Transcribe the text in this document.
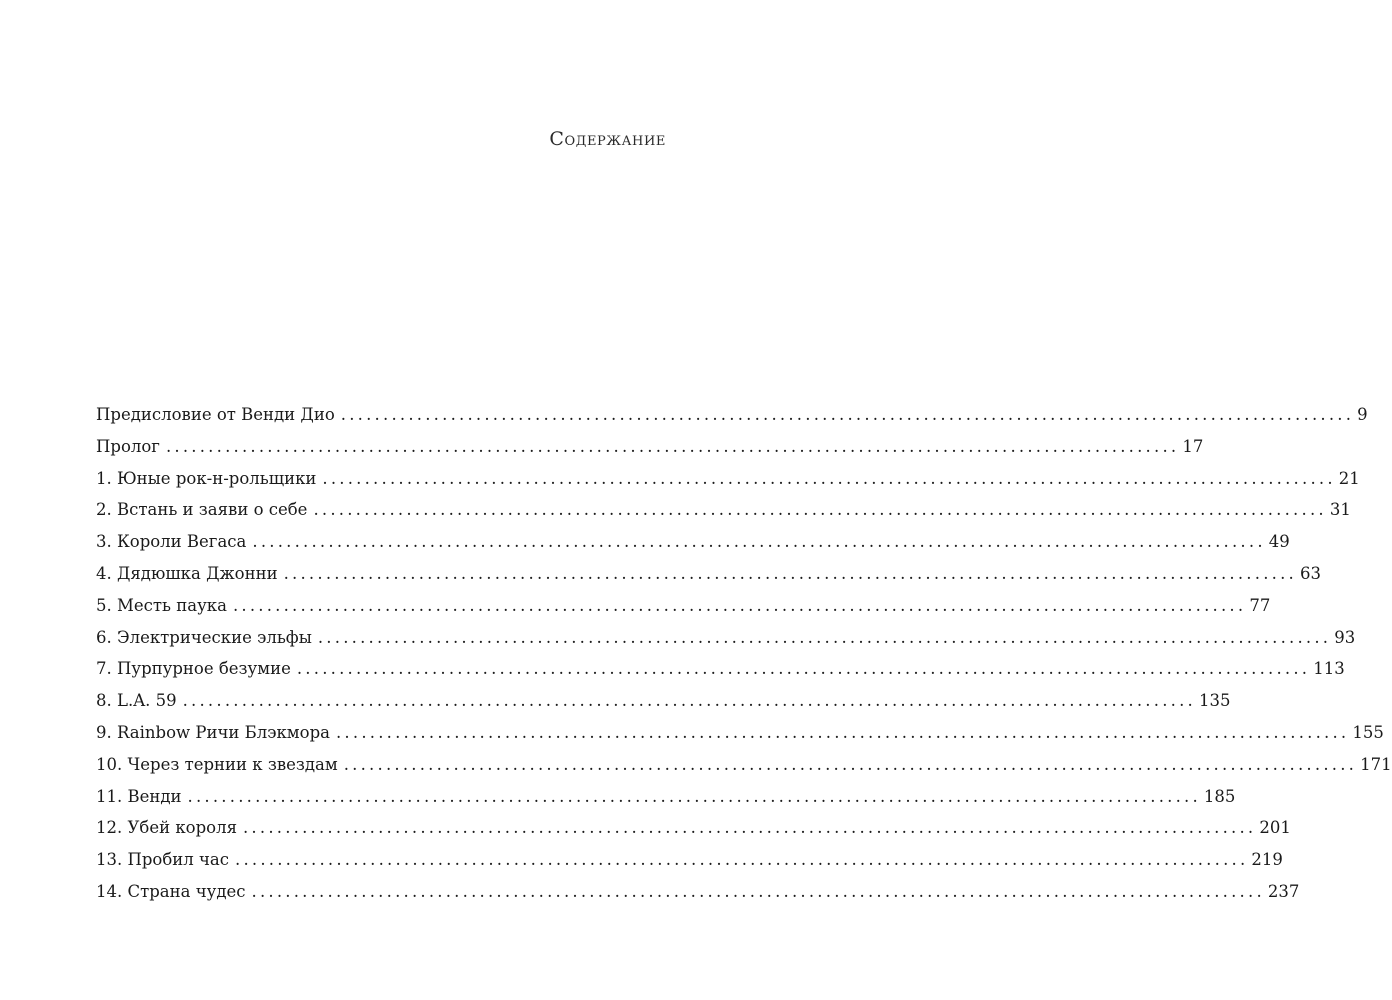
Содержание
Предисловие от Венди Дио ........................................................................................................................ 9
Пролог ........................................................................................................................ 17
1. Юные рок-н-рольщики ........................................................................................................................ 21
2. Встань и заяви о себе ........................................................................................................................ 31
3. Короли Вегаса ........................................................................................................................ 49
4. Дядюшка Джонни ........................................................................................................................ 63
5. Месть паука ........................................................................................................................ 77
6. Электрические эльфы ........................................................................................................................ 93
7. Пурпурное безумие ........................................................................................................................ 113
8. L.A. 59 ........................................................................................................................ 135
9. Rainbow Ричи Блэкмора ........................................................................................................................ 155
10. Через тернии к звездам ........................................................................................................................ 171
11. Венди ........................................................................................................................ 185
12. Убей короля ........................................................................................................................ 201
13. Пробил час ........................................................................................................................ 219
14. Страна чудес ........................................................................................................................ 237
